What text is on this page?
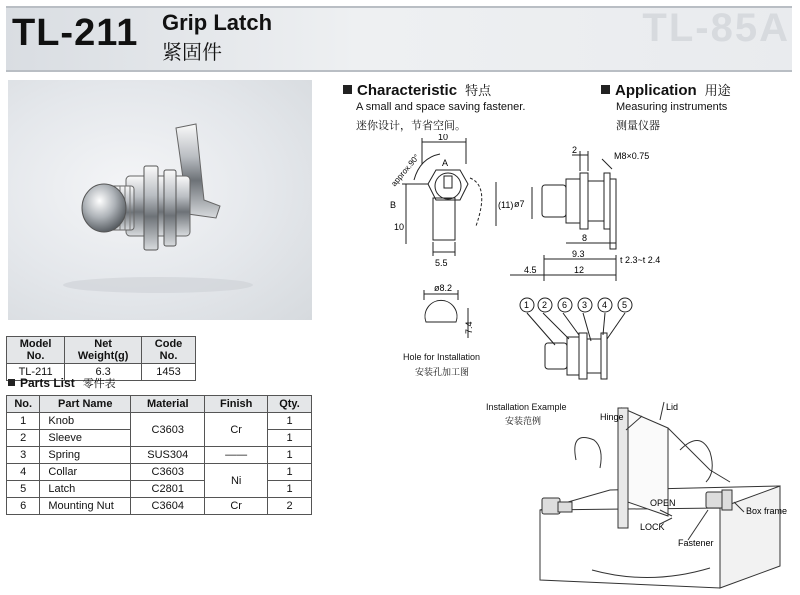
TL-85A
TL-211 Grip Latch
紧固件
Model No.	Net Weight(g)	Code No.
TL-211	6.3	1453
Parts List 零件表
No.	Part Name	Material	Finish	Qty.
1	Knob	C3603	Cr	1
2	Sleeve			1
3	Spring	SUS304	——	1
4	Collar	C3603	Ni	1
5	Latch	C2801		1
6	Mounting Nut	C3604	Cr	2
Characteristic 特点
A small and space saving fastener.
迷你设计，节省空间。
Application 用途
Measuring instruments
测量仪器
10
A
approx.90°
B
10
(11)
5.5
2
M8×0.75
ø7
8
9.3
t 2.3~t 2.4
4.5	12
ø8.2
7.4
Hole for Installation
安装孔加工图
1 2 6 3 4 5
Installation Example
安装范例	Hinge
Lid
OPEN
LOCK
Fastener
Box frame
